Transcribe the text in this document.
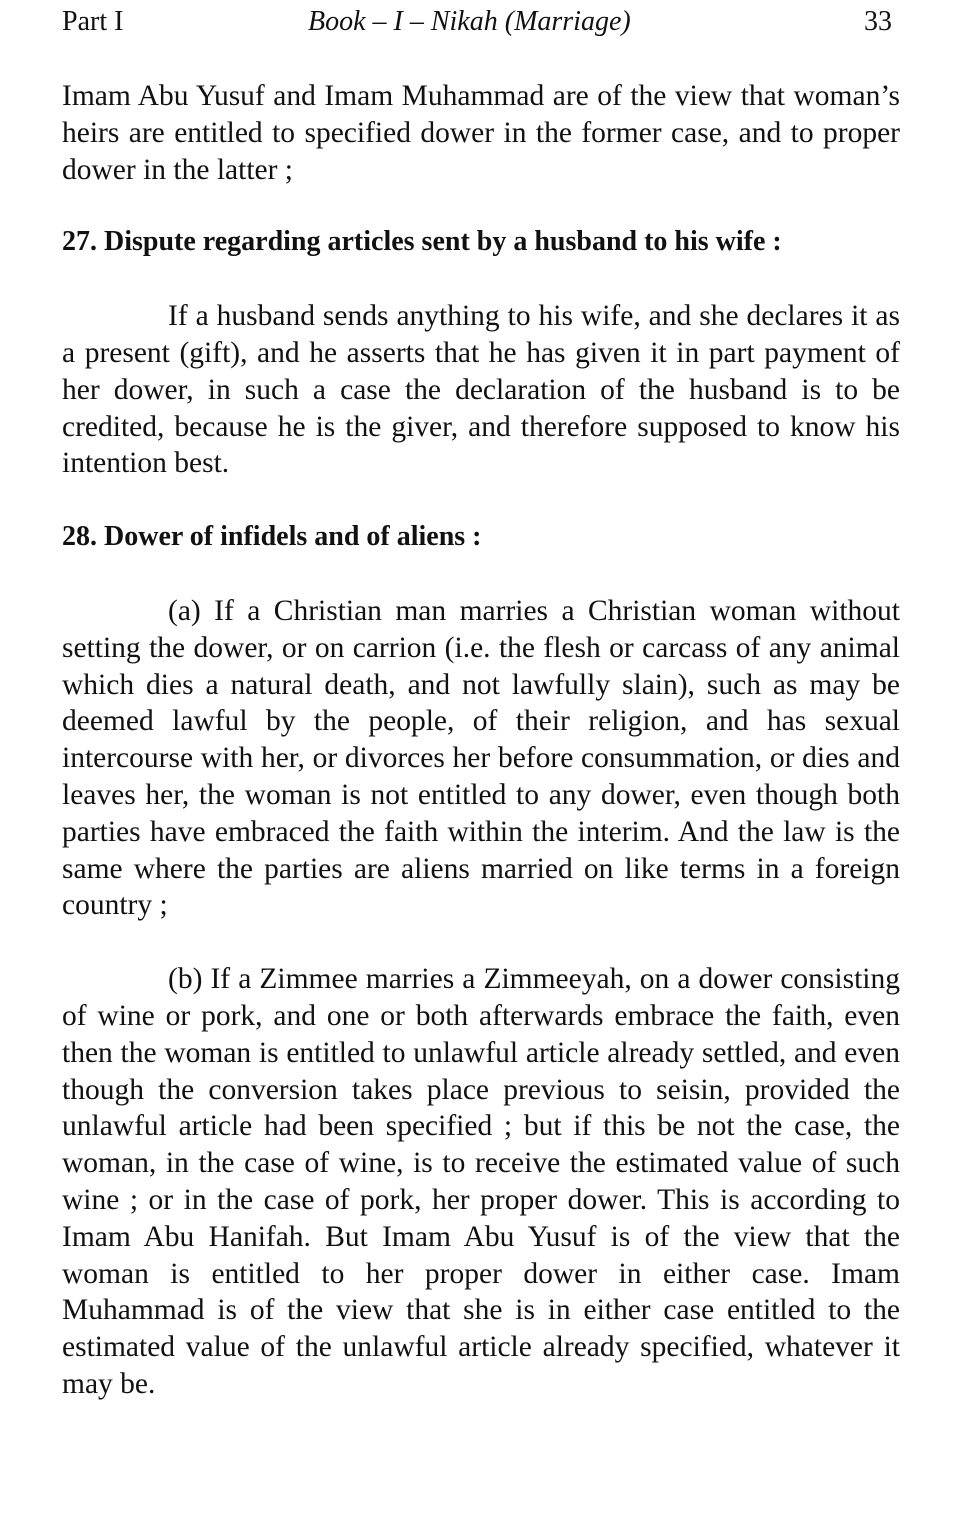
Part I	Book – I – Nikah (Marriage)	33

Imam Abu Yusuf and Imam Muhammad are of the view that woman’s heirs are entitled to specified dower in the former case, and to proper dower in the latter ;

27. Dispute regarding articles sent by a husband to his wife :

If a husband sends anything to his wife, and she declares it as a present (gift), and he asserts that he has given it in part payment of her dower, in such a case the declaration of the husband is to be credited, because he is the giver, and therefore supposed to know his intention best.

28. Dower of infidels and of aliens :

(a) If a Christian man marries a Christian woman without setting the dower, or on carrion (i.e. the flesh or carcass of any animal which dies a natural death, and not lawfully slain), such as may be deemed lawful by the people, of their religion, and has sexual intercourse with her, or divorces her before consummation, or dies and leaves her, the woman is not entitled to any dower, even though both parties have embraced the faith within the interim. And the law is the same where the parties are aliens married on like terms in a foreign country ;

(b) If a Zimmee marries a Zimmeeyah, on a dower consisting of wine or pork, and one or both afterwards embrace the faith, even then the woman is entitled to unlawful article already settled, and even though the conversion takes place previous to seisin, provided the unlawful article had been specified ; but if this be not the case, the woman, in the case of wine, is to receive the estimated value of such wine ; or in the case of pork, her proper dower. This is according to Imam Abu Hanifah. But Imam Abu Yusuf is of the view that the woman is entitled to her proper dower in either case. Imam Muhammad is of the view that she is in either case entitled to the estimated value of the unlawful article already specified, whatever it may be.
